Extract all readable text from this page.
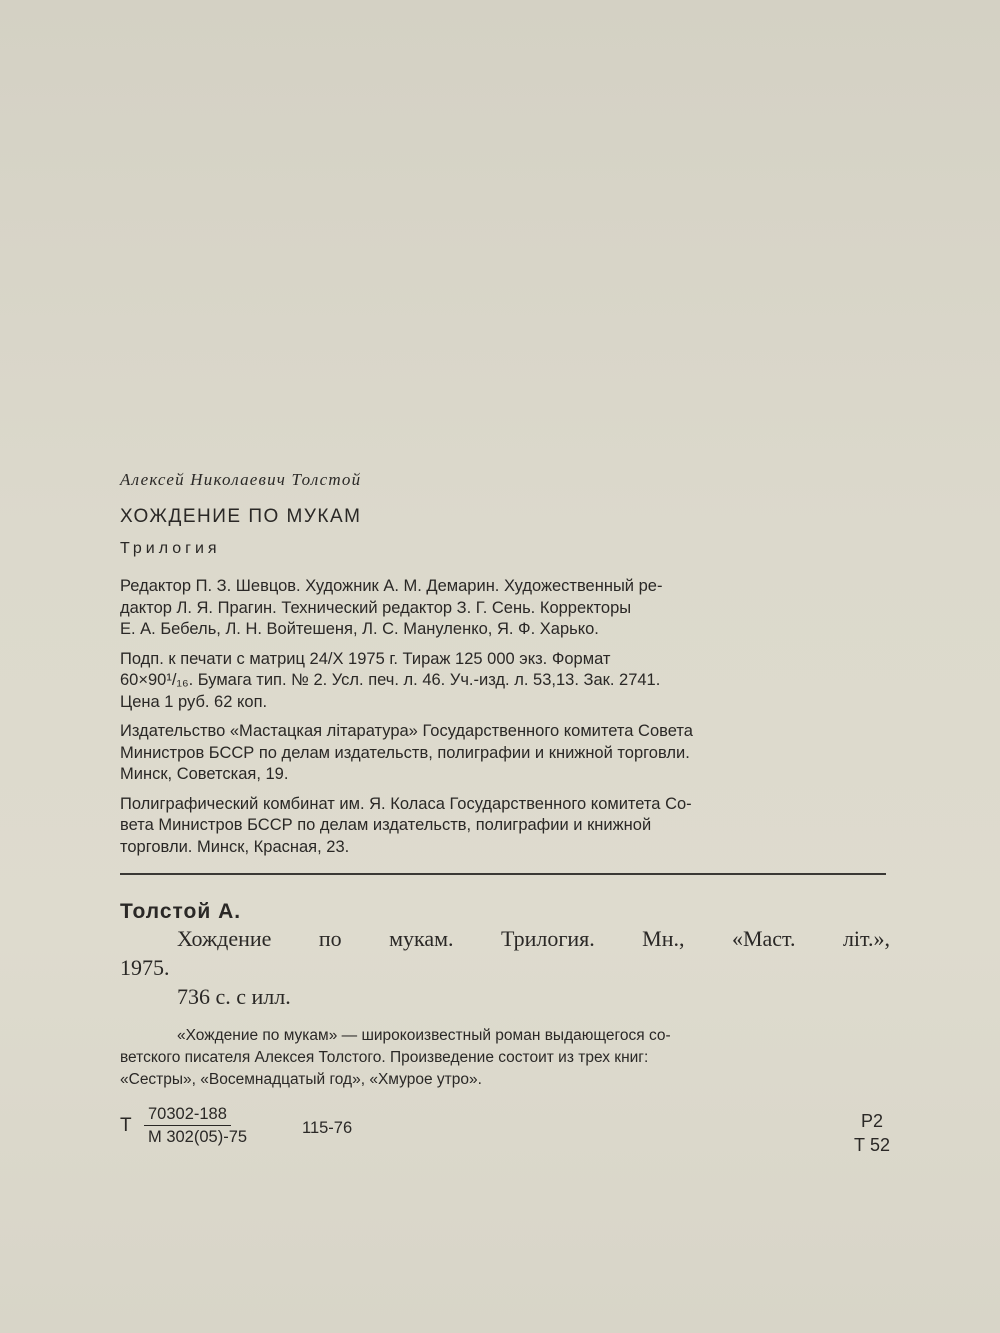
Алексей Николаевич Толстой

ХОЖДЕНИЕ ПО МУКАМ

Трилогия

Редактор П. З. Шевцов. Художник А. М. Демарин. Художественный ре-
дактор Л. Я. Прагин. Технический редактор З. Г. Сень. Корректоры
Е. А. Бебель, Л. Н. Войтешеня, Л. С. Мануленко, Я. Ф. Харько.

Подп. к печати с матриц 24/X 1975 г. Тираж 125 000 экз. Формат
60×90¹/₁₆. Бумага тип. № 2. Усл. печ. л. 46. Уч.-изд. л. 53,13. Зак. 2741.
Цена 1 руб. 62 коп.

Издательство «Мастацкая літаратура» Государственного комитета Совета
Министров БССР по делам издательств, полиграфии и книжной торговли.
Минск, Советская, 19.

Полиграфический комбинат им. Я. Коласа Государственного комитета Со-
вета Министров БССР по делам издательств, полиграфии и книжной
торговли. Минск, Красная, 23.

Толстой А.

Хождение по мукам. Трилогия. Мн., «Маст. літ.»,

1975.

736 с. с илл.

«Хождение по мукам» — широкоизвестный роман выдающегося со-
ветского писателя Алексея Толстого. Произведение состоит из трех книг:
«Сестры», «Восемнадцатый год», «Хмурое утро».
Т
70302-188
М 302(05)-75	115-76	Р2
Т 52
